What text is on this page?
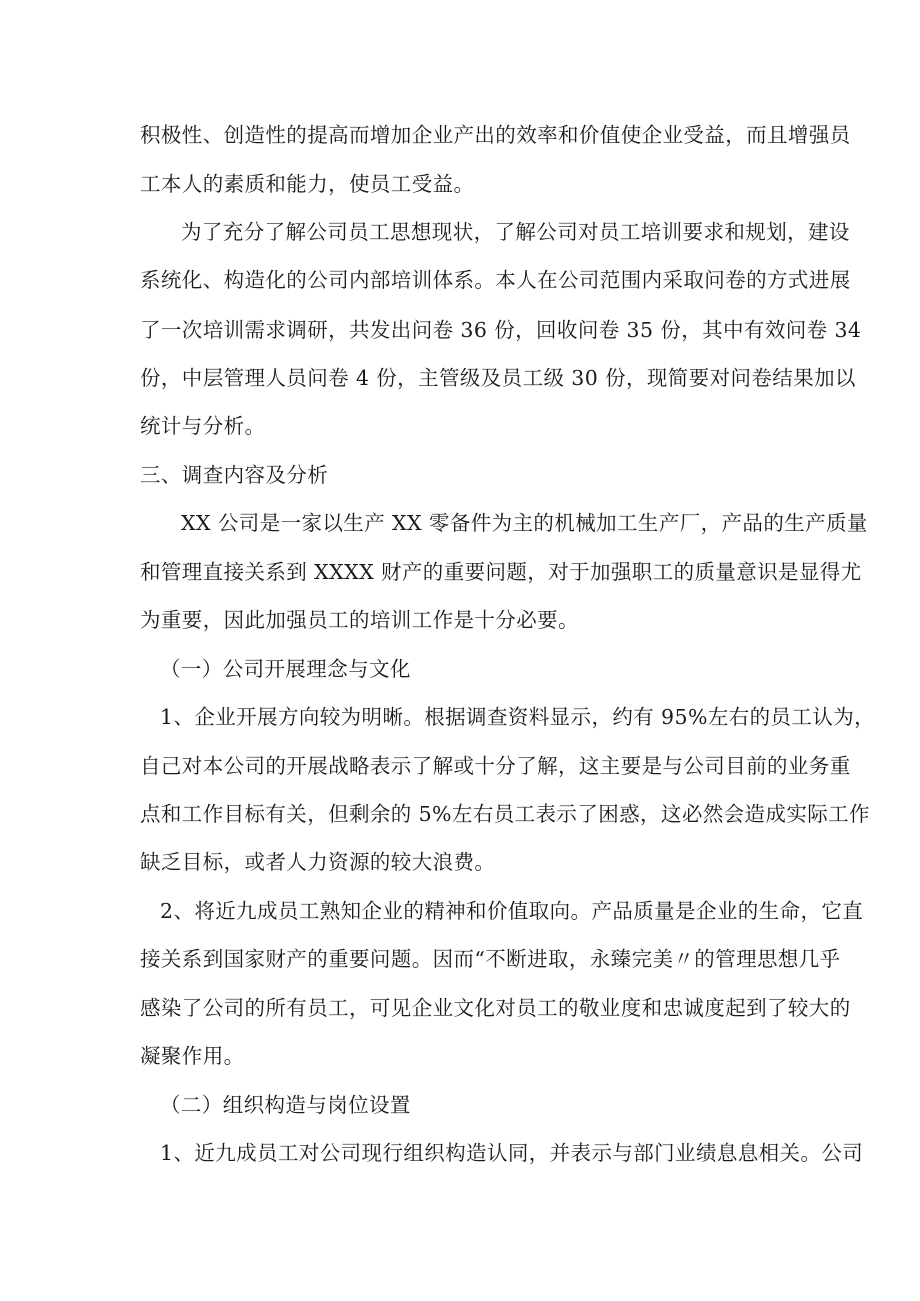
积极性、创造性的提高而增加企业产出的效率和价值使企业受益，而且增强员
工本人的素质和能力，使员工受益。
为了充分了解公司员工思想现状，了解公司对员工培训要求和规划，建设
系统化、构造化的公司内部培训体系。本人在公司范围内采取问卷的方式进展
了一次培训需求调研，共发出问卷 36 份，回收问卷 35 份，其中有效问卷 34
份，中层管理人员问卷 4 份，主管级及员工级 30 份，现简要对问卷结果加以
统计与分析。
三、调查内容及分析
XX 公司是一家以生产 XX 零备件为主的机械加工生产厂，产品的生产质量
和管理直接关系到 XXXX 财产的重要问题，对于加强职工的质量意识是显得尤
为重要，因此加强员工的培训工作是十分必要。
（一）公司开展理念与文化
1、企业开展方向较为明晰。根据调查资料显示，约有 95%左右的员工认为，
自己对本公司的开展战略表示了解或十分了解，这主要是与公司目前的业务重
点和工作目标有关，但剩余的 5%左右员工表示了困惑，这必然会造成实际工作
缺乏目标，或者人力资源的较大浪费。
2、将近九成员工熟知企业的精神和价值取向。产品质量是企业的生命，它直
接关系到国家财产的重要问题。因而“不断进取，永臻完美〃的管理思想几乎
感染了公司的所有员工，可见企业文化对员工的敬业度和忠诚度起到了较大的
凝聚作用。
（二）组织构造与岗位设置
1、近九成员工对公司现行组织构造认同，并表示与部门业绩息息相关。公司
